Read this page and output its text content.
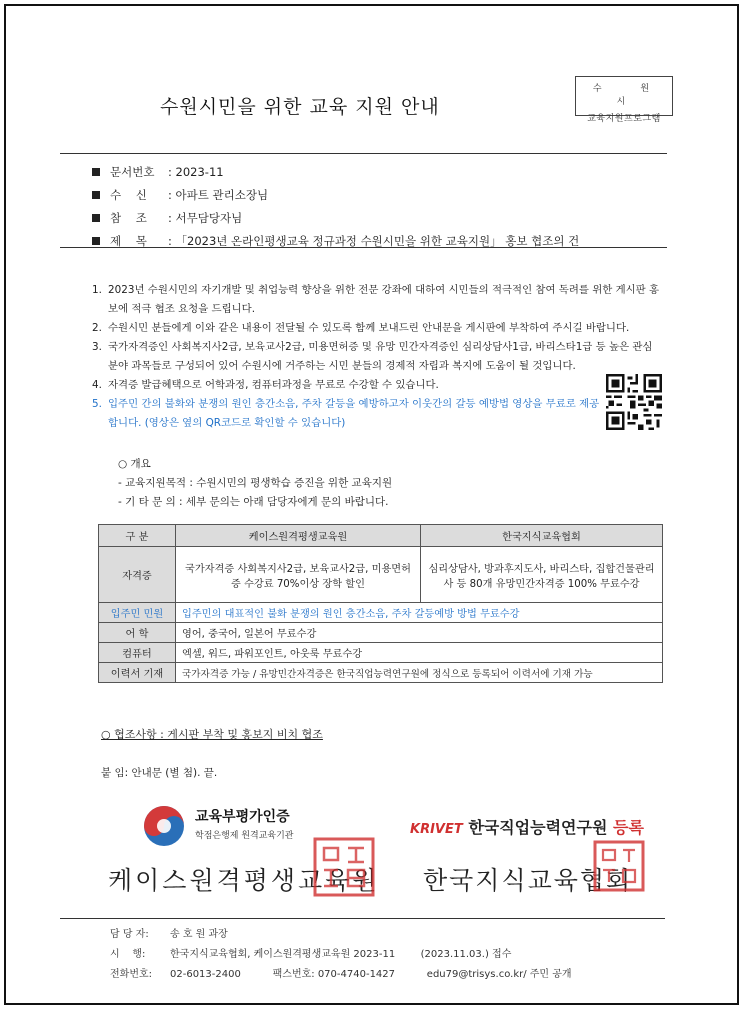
수원시민을 위한 교육 지원 안내
수 원 시
교육지원프로그램
문서번호	: 2023-11
수    신	: 아파트 관리소장님
참    조	: 서무담당자님
제    목	: 「2023년 온라인평생교육 정규과정 수원시민을 위한 교육지원」 홍보 협조의 건
1. 2023년 수원시민의 자기개발 및 취업능력 향상을 위한 전문 강좌에 대하여 시민들의 적극적인 참여 독려를 위한 게시판 홍보에 적극 협조 요청을 드립니다.
2. 수원시민 분들에게 이와 같은 내용이 전달될 수 있도록 함께 보내드린 안내문을 게시판에 부착하여 주시길 바랍니다.
3. 국가자격증인 사회복지사2급, 보육교사2급, 미용면허증 및 유망 민간자격증인 심리상담사1급, 바리스타1급 등 높은 관심 분야 과목들로 구성되어 있어 수원시에 거주하는 시민 분들의 경제적 자립과 복지에 도움이 될 것입니다.
4. 자격증 발급혜택으로 어학과정, 컴퓨터과정을 무료로 수강할 수 있습니다.
5. 입주민 간의 불화와 분쟁의 원인 층간소음, 주차 갈등을 예방하고자 이웃간의 갈등 예방법 영상을 무료로 제공합니다. (영상은 옆의 QR코드로 확인할 수 있습니다)
○ 개요
- 교육지원목적 : 수원시민의 평생학습 증진을 위한 교육지원
- 기 타 문 의 : 세부 문의는 아래 담당자에게 문의 바랍니다.
구 분	케이스원격평생교육원	한국지식교육협회
자격증	국가자격증 사회복지사2급, 보육교사2급, 미용면허증 수강료 70%이상 장학 할인	심리상담사, 방과후지도사, 바리스타, 집합건물관리사 등 80개 유망민간자격증 100% 무료수강
입주민 민원	입주민의 대표적인 불화 분쟁의 원인 층간소음, 주차 갈등예방 방법 무료수강	
어 학	영어, 중국어, 일본어 무료수강	
컴퓨터	엑셀, 워드, 파워포인트, 아웃룩 무료수강	
이력서 기재	국가자격증 가능 / 유망민간자격증은 한국직업능력연구원에 정식으로 등록되어 이력서에 기재 가능	
○ 협조사항 : 게시판 부착 및 홍보지 비치 협조
붙 임: 안내문 (별 첨). 끝.
교육부평가인증
학점은행제 원격교육기관
케이스원격평생교육원
KRIVET 한국직업능력연구원 등록
한국지식교육협회
담 당 자:	송 호 원 과장
시    행:	한국지식교육협회, 케이스원격평생교육원 2023-11        (2023.11.03.) 접수
전화번호:	02-6013-2400          팩스번호: 070-4740-1427          edu79@trisys.co.kr/ 주민 공개
